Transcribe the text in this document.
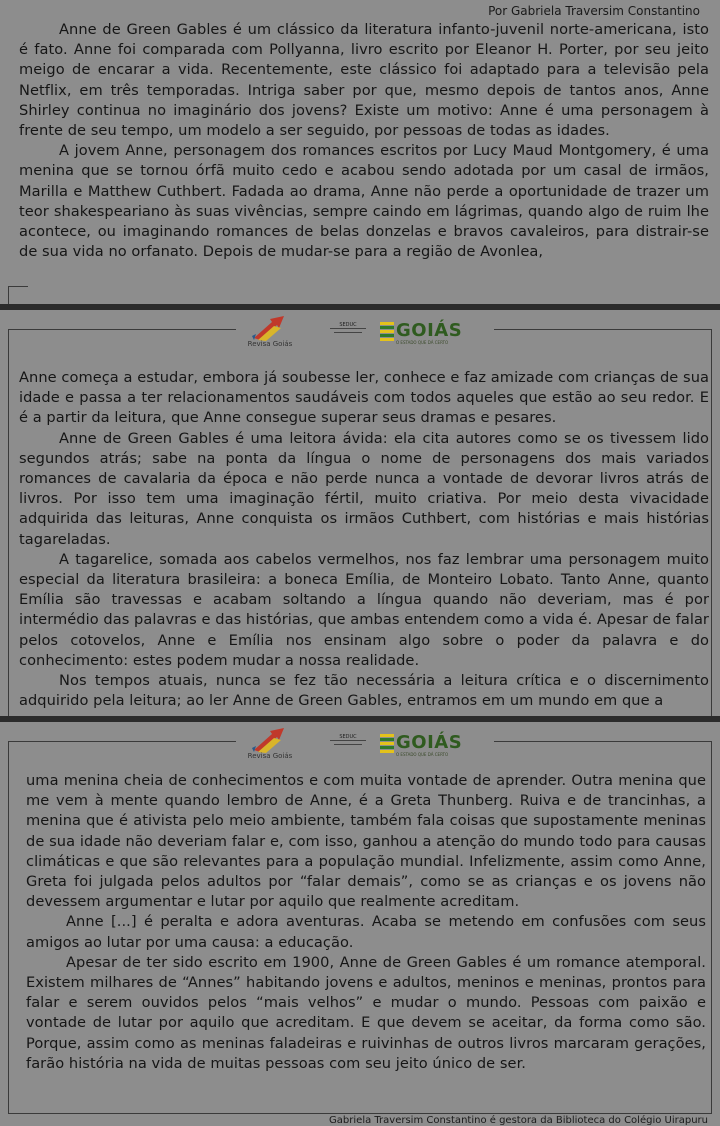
Por Gabriela Traversim Constantino

Anne de Green Gables é um clássico da literatura infanto-juvenil norte-americana, isto é fato. Anne foi comparada com Pollyanna, livro escrito por Eleanor H. Porter, por seu jeito meigo de encarar a vida. Recentemente, este clássico foi adaptado para a televisão pela Netflix, em três temporadas. Intriga saber por que, mesmo depois de tantos anos, Anne Shirley continua no imaginário dos jovens? Existe um motivo: Anne é uma personagem à frente de seu tempo, um modelo a ser seguido, por pessoas de todas as idades.

A jovem Anne, personagem dos romances escritos por Lucy Maud Montgomery, é uma menina que se tornou órfã muito cedo e acabou sendo adotada por um casal de irmãos, Marilla e Matthew Cuthbert. Fadada ao drama, Anne não perde a oportunidade de trazer um teor shakespeariano às suas vivências, sempre caindo em lágrimas, quando algo de ruim lhe acontece, ou imaginando romances de belas donzelas e bravos cavaleiros, para distrair-se de sua vida no orfanato. Depois de mudar-se para a região de Avonlea,

Revisa Goiás
SEDUC GOIÁS
O ESTADO QUE DÁ CERTO

Anne começa a estudar, embora já soubesse ler, conhece e faz amizade com crianças de sua idade e passa a ter relacionamentos saudáveis com todos aqueles que estão ao seu redor. E é a partir da leitura, que Anne consegue superar seus dramas e pesares.

Anne de Green Gables é uma leitora ávida: ela cita autores como se os tivessem lido segundos atrás; sabe na ponta da língua o nome de personagens dos mais variados romances de cavalaria da época e não perde nunca a vontade de devorar livros atrás de livros. Por isso tem uma imaginação fértil, muito criativa. Por meio desta vivacidade adquirida das leituras, Anne conquista os irmãos Cuthbert, com histórias e mais histórias tagareladas.

A tagarelice, somada aos cabelos vermelhos, nos faz lembrar uma personagem muito especial da literatura brasileira: a boneca Emília, de Monteiro Lobato. Tanto Anne, quanto Emília são travessas e acabam soltando a língua quando não deveriam, mas é por intermédio das palavras e das histórias, que ambas entendem como a vida é. Apesar de falar pelos cotovelos, Anne e Emília nos ensinam algo sobre o poder da palavra e do conhecimento: estes podem mudar a nossa realidade.

Nos tempos atuais, nunca se fez tão necessária a leitura crítica e o discernimento adquirido pela leitura; ao ler Anne de Green Gables, entramos em um mundo em que a

Revisa Goiás
SEDUC GOIÁS
O ESTADO QUE DÁ CERTO

uma menina cheia de conhecimentos e com muita vontade de aprender. Outra menina que me vem à mente quando lembro de Anne, é a Greta Thunberg. Ruiva e de trancinhas, a menina que é ativista pelo meio ambiente, também fala coisas que supostamente meninas de sua idade não deveriam falar e, com isso, ganhou a atenção do mundo todo para causas climáticas e que são relevantes para a população mundial. Infelizmente, assim como Anne, Greta foi julgada pelos adultos por “falar demais”, como se as crianças e os jovens não devessem argumentar e lutar por aquilo que realmente acreditam.

Anne [...] é peralta e adora aventuras. Acaba se metendo em confusões com seus amigos ao lutar por uma causa: a educação.

Apesar de ter sido escrito em 1900, Anne de Green Gables é um romance atemporal. Existem milhares de “Annes” habitando jovens e adultos, meninos e meninas, prontos para falar e serem ouvidos pelos “mais velhos” e mudar o mundo. Pessoas com paixão e vontade de lutar por aquilo que acreditam. E que devem se aceitar, da forma como são. Porque, assim como as meninas faladeiras e ruivinhas de outros livros marcaram gerações, farão história na vida de muitas pessoas com seu jeito único de ser.

Gabriela Traversim Constantino é gestora da Biblioteca do Colégio Uirapuru
